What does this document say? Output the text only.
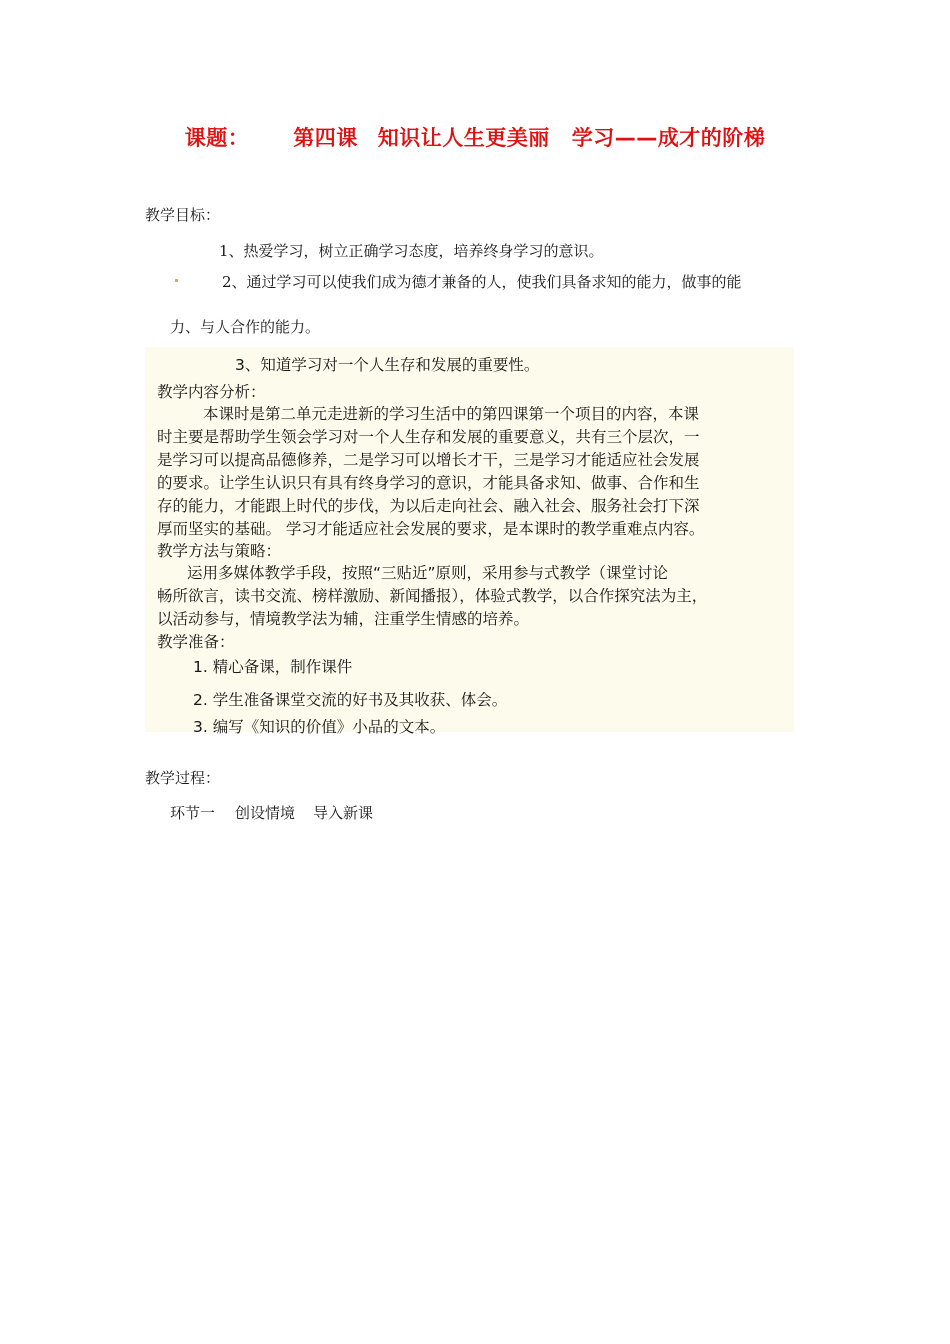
课题： 第四课 知识让人生更美丽 学习——成才的阶梯
教学目标：
1、热爱学习，树立正确学习态度，培养终身学习的意识。
2、通过学习可以使我们成为德才兼备的人，使我们具备求知的能力，做事的能
力、与人合作的能力。
3、知道学习对一个人生存和发展的重要性。
教学内容分析：
本课时是第二单元走进新的学习生活中的第四课第一个项目的内容，本课
时主要是帮助学生领会学习对一个人生存和发展的重要意义，共有三个层次，一
是学习可以提高品德修养，二是学习可以增长才干，三是学习才能适应社会发展
的要求。让学生认识只有具有终身学习的意识，才能具备求知、做事、合作和生
存的能力，才能跟上时代的步伐，为以后走向社会、融入社会、服务社会打下深
厚而坚实的基础。 学习才能适应社会发展的要求，是本课时的教学重难点内容。
教学方法与策略：
运用多媒体教学手段，按照“三贴近”原则，采用参与式教学（课堂讨论
畅所欲言，读书交流、榜样激励、新闻播报），体验式教学，以合作探究法为主，
以活动参与，情境教学法为辅，注重学生情感的培养。
教学准备：
1. 精心备课，制作课件
2. 学生准备课堂交流的好书及其收获、体会。
3. 编写《知识的价值》小品的文本。
教学过程：
环节一 创设情境 导入新课
